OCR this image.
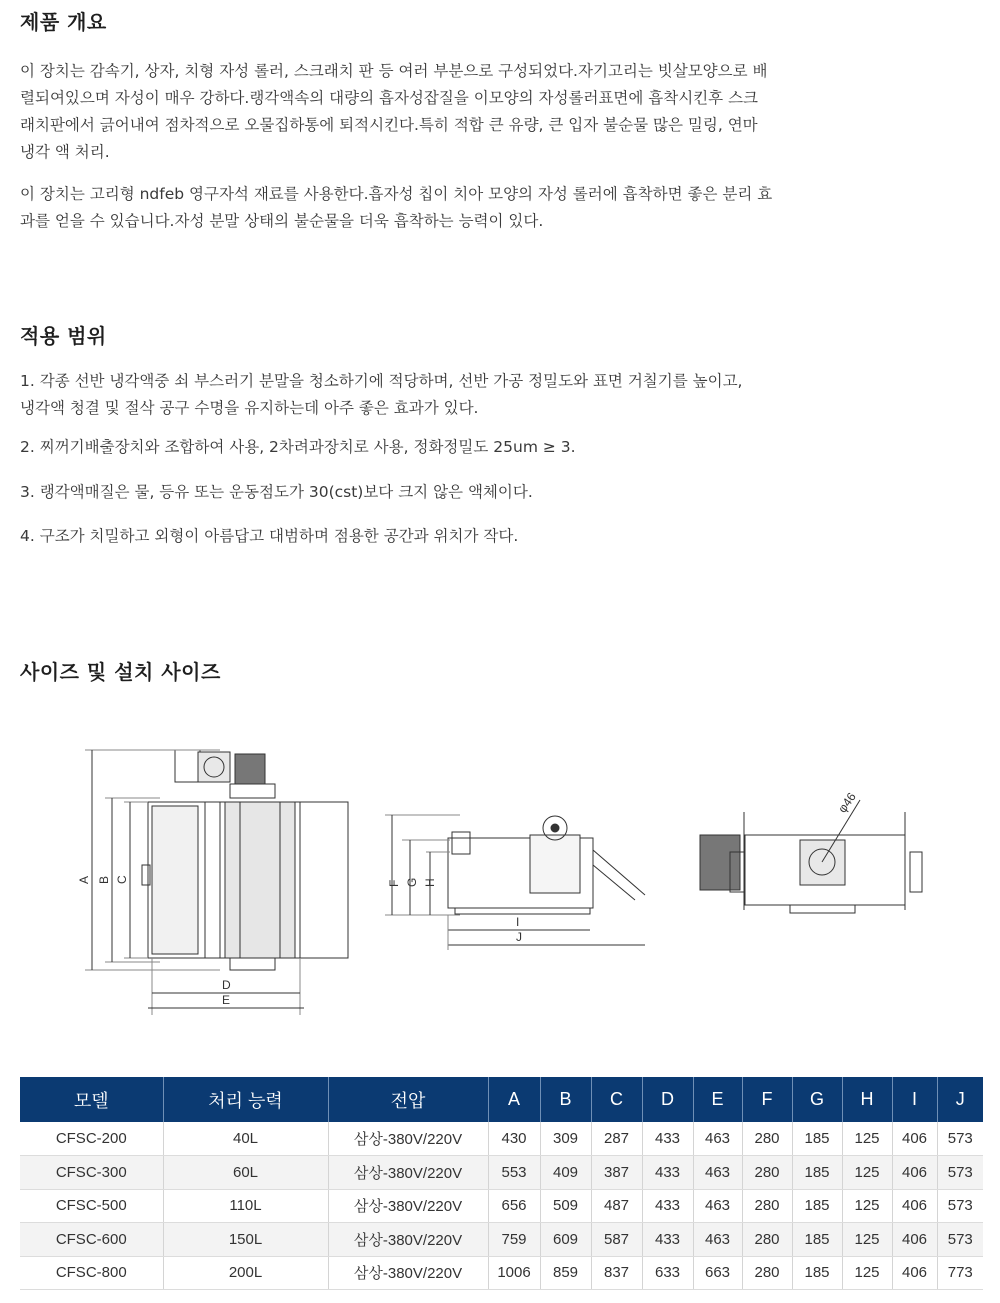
제품 개요
이 장치는 감속기, 상자, 치형 자성 롤러, 스크래치 판 등 여러 부분으로 구성되었다.자기고리는 빗살모양으로 배
렬되여있으며 자성이 매우 강하다.랭각액속의 대량의 흡자성잡질을 이모양의 자성롤러표면에 흡착시킨후 스크
래치판에서 긁어내여 점차적으로 오물집하통에 퇴적시킨다.특히 적합 큰 유량, 큰 입자 불순물 많은 밀링, 연마
냉각 액 처리.
이 장치는 고리형 ndfeb 영구자석 재료를 사용한다.흡자성 칩이 치아 모양의 자성 롤러에 흡착하면 좋은 분리 효
과를 얻을 수 있습니다.자성 분말 상태의 불순물을 더욱 흡착하는 능력이 있다.
적용 범위
1. 각종 선반 냉각액중 쇠 부스러기 분말을 청소하기에 적당하며, 선반 가공 정밀도와 표면 거칠기를 높이고,
냉각액 청결 및 절삭 공구 수명을 유지하는데 아주 좋은 효과가 있다.
2. 찌꺼기배출장치와 조합하여 사용, 2차려과장치로 사용, 정화정밀도 25um ≥ 3.
3. 랭각액매질은 물, 등유 또는 운동점도가 30(cst)보다 크지 않은 액체이다.
4. 구조가 치밀하고 외형이 아름답고 대범하며 점용한 공간과 위치가 작다.
사이즈 및 설치 사이즈
A B C
D
E
F G H
I
J
φ46
모델	처리 능력	전압	A	B	C	D	E	F	G	H	I	J
CFSC-200	40L	삼상-380V/220V	430	309	287	433	463	280	185	125	406	573
CFSC-300	60L	삼상-380V/220V	553	409	387	433	463	280	185	125	406	573
CFSC-500	110L	삼상-380V/220V	656	509	487	433	463	280	185	125	406	573
CFSC-600	150L	삼상-380V/220V	759	609	587	433	463	280	185	125	406	573
CFSC-800	200L	삼상-380V/220V	1006	859	837	633	663	280	185	125	406	773
